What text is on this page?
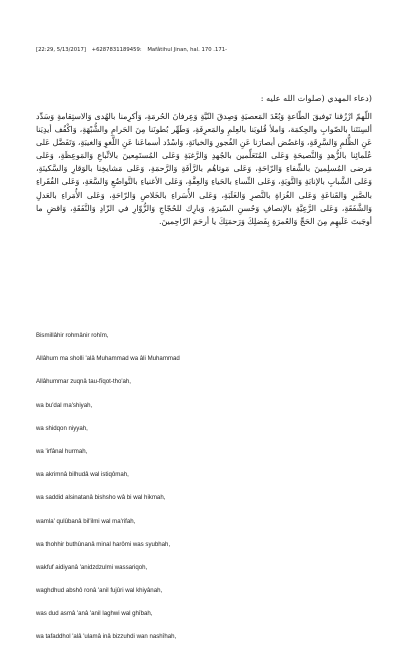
[22:29, 5/13/2017] +6287831189459: Mafâtihul Jinan, hal. 170 .171-
(دعاء المهدي (صلوات الله عليه :
اللّهمّ ارْزُقنا تَوفيقَ الطّاعةِ وَبُعْدَ المَعصيَةِ وَصِدقَ النّيَّةِ وَعِرفانَ الحُرمَةِ، وَأكرِمنا بالهُدى وَالاستِقامةِ وَسَدِّد ألسِنَتَنا بالصّوابِ والحِكمَة، وَاملأ قُلوبَنا بالعِلمِ والمَعرِفَةِ، وَطَهِّر بُطونَنا مِنَ الحَرامِ والشُّبْهَةِ، وَاكْفُف أيدِيَنا عَنِ الظُّلمِ وَالسَّرِقَةِ، وَاغضُض أبصارَنا عَنِ الفُجورِ وَالخيانَةِ، وَاسْدُد أسماعَنا عَنِ اللَّغوِ وَالغيبَةِ، وَتَفَضَّل عَلى عُلَمائِنا بالزُّهدِ وَالنَّصيحَةِ وَعَلى المُتَعَلِّمين بالجُهدِ وَالرَّغبَةِ وَعَلى المُستَمِعينَ بالاتِّباعِ وَالمَوعِظَةِ، وَعَلى مَرضى المُسلِمينَ بالشِّفاءِ وَالرّاحَةِ، وَعَلى مَوتاهُم بالرَّأفَةِ وَالرَّحمَةِ، وَعَلى مَشايخِنا بالوَقارِ وَالسَّكينَةِ، وَعَلى الشَّبابِ بالإنابَةِ وَالتَّوبَةِ، وَعَلى النِّساءِ بالحَياءِ وَالعِفَّةِ، وَعَلى الأغنياءِ بالتَّواضُعِ وَالسَّعَةِ، وَعَلى الفُقَراءِ بالصَّبرِ وَالقَناعَةِ وَعَلى الغُزاةِ بالنَّصرِ وَالغَلَبَةِ، وَعَلى الأُسَراءِ بالخَلاصِ وَالرّاحَةِ، وَعَلى الأُمَراءِ بالعَدلِ وَالشَّفَقَةِ، وَعَلى الرَّعِيَّةِ بالإنصافِ وَحُسنِ السّيرَةِ، وَبارِك للحُجّاجِ وَالزُّوّارِ في الزّادِ وَالنَّفَقَةِ، وَاقضِ ما أوجَبتَ عَلَيهِم مِنَ الحَجِّ وَالعُمرَةِ بِفَضلِكَ وَرَحمَتِكَ يا أرحَمَ الرّاحِمينَ.
Bismillâhir rohmânir rohîm,
Allâhum ma sholli 'alâ Muhammad wa âli Muhammad
Allâhummar zuqnâ tau-fîqot-tho'ah,
wa bu'dal ma'shiyah,
wa shidqon niyyah,
wa 'irfânal hurmah,
wa akrimnâ bilhudâ wal istiqômah,
wa saddid alsinatanâ bishsho wâ bi wal hikmah,
wamla' qulûbanâ bil'ilmi wal ma'rifah,
wa thohhir buthûnanâ minal harômi was syubhah,
wakfuf aidiyanâ 'anidzdzulmi wassariqoh,
waghdhud abshô ronâ 'anil fujûri wal khiyânah,
was dud asmâ 'anâ 'anil laghwi wal ghîbah,
wa tafaddhol 'alâ 'ulamâ inâ bizzuhdi wan nashîhah,
